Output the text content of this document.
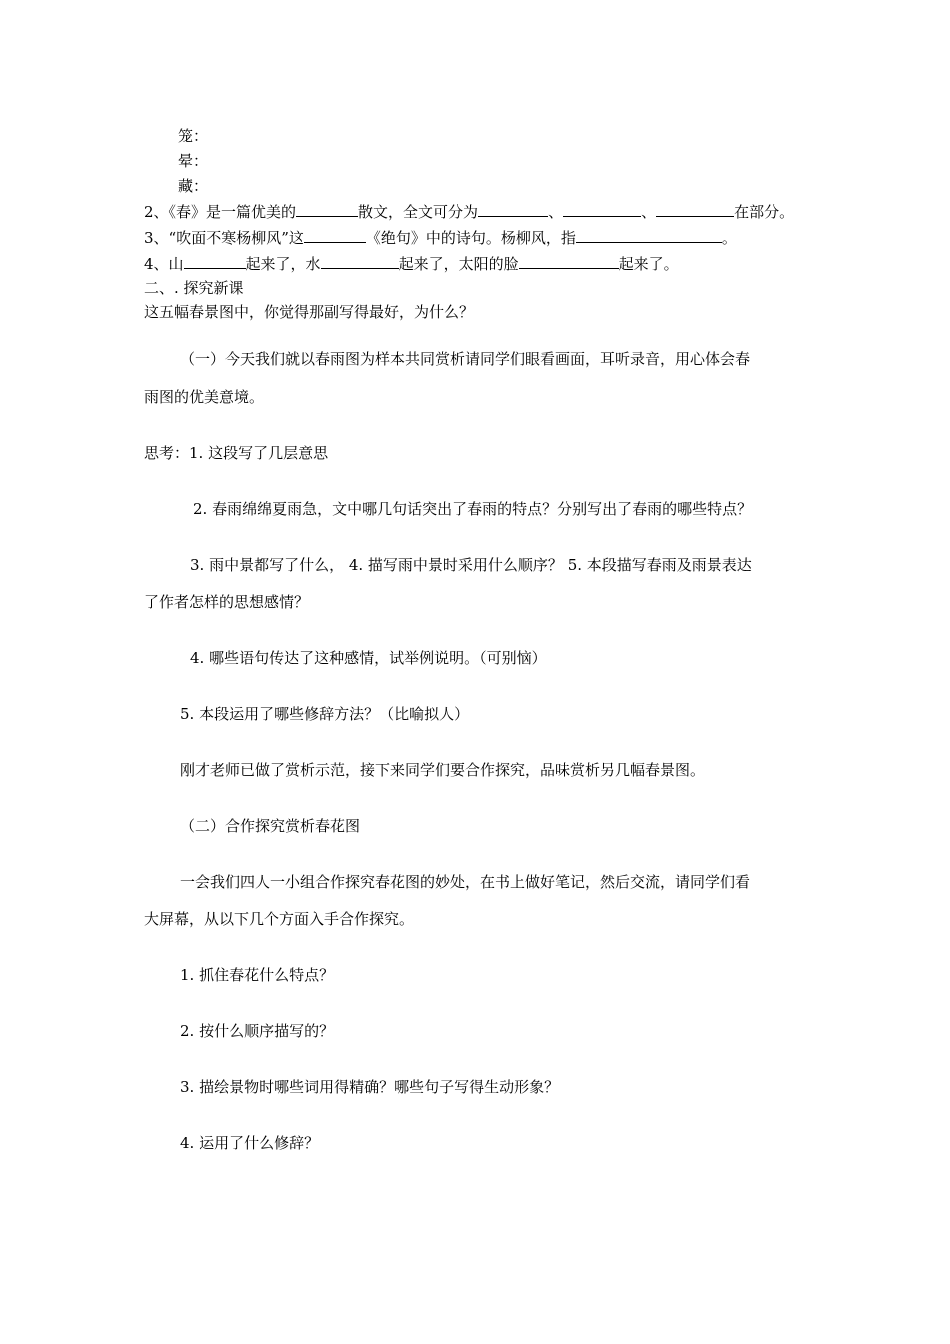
笼：
晕：
藏：
2、《春》是一篇优美的	散文，全文可分为	、	、	在部分。
3、“吹面不寒杨柳风”这	《绝句》中的诗句。杨柳风，指	。
4、山	起来了，水	起来了，太阳的脸	起来了。
二、. 探究新课
这五幅春景图中，你觉得那副写得最好，为什么？
（一）今天我们就以春雨图为样本共同赏析请同学们眼看画面，耳听录音，用心体会春
雨图的优美意境。
思考：1. 这段写了几层意思
2. 春雨绵绵夏雨急，文中哪几句话突出了春雨的特点？分别写出了春雨的哪些特点？
3. 雨中景都写了什么， 4. 描写雨中景时采用什么顺序？ 5. 本段描写春雨及雨景表达
了作者怎样的思想感情？
4. 哪些语句传达了这种感情，试举例说明。（可别恼）
5. 本段运用了哪些修辞方法？（比喻拟人）
刚才老师已做了赏析示范，接下来同学们要合作探究，品味赏析另几幅春景图。
（二）合作探究赏析春花图
一会我们四人一小组合作探究春花图的妙处，在书上做好笔记，然后交流，请同学们看
大屏幕，从以下几个方面入手合作探究。
1. 抓住春花什么特点？
2. 按什么顺序描写的？
3. 描绘景物时哪些词用得精确？哪些句子写得生动形象？
4. 运用了什么修辞？
